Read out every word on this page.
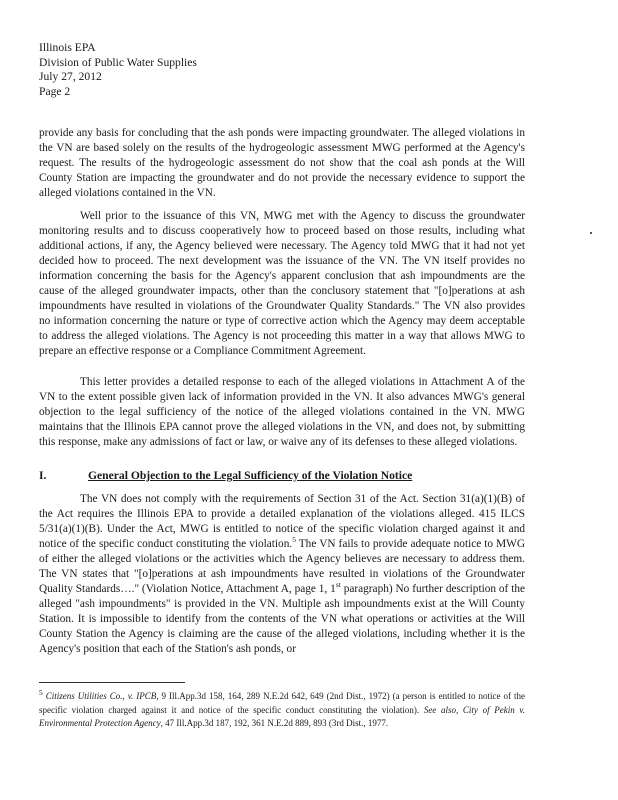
Illinois EPA
Division of Public Water Supplies
July 27, 2012
Page 2
provide any basis for concluding that the ash ponds were impacting groundwater. The alleged violations in the VN are based solely on the results of the hydrogeologic assessment MWG performed at the Agency's request. The results of the hydrogeologic assessment do not show that the coal ash ponds at the Will County Station are impacting the groundwater and do not provide the necessary evidence to support the alleged violations contained in the VN.
Well prior to the issuance of this VN, MWG met with the Agency to discuss the groundwater monitoring results and to discuss cooperatively how to proceed based on those results, including what additional actions, if any, the Agency believed were necessary. The Agency told MWG that it had not yet decided how to proceed. The next development was the issuance of the VN. The VN itself provides no information concerning the basis for the Agency's apparent conclusion that ash impoundments are the cause of the alleged groundwater impacts, other than the conclusory statement that "[o]perations at ash impoundments have resulted in violations of the Groundwater Quality Standards." The VN also provides no information concerning the nature or type of corrective action which the Agency may deem acceptable to address the alleged violations. The Agency is not proceeding this matter in a way that allows MWG to prepare an effective response or a Compliance Commitment Agreement.
This letter provides a detailed response to each of the alleged violations in Attachment A of the VN to the extent possible given lack of information provided in the VN. It also advances MWG's general objection to the legal sufficiency of the notice of the alleged violations contained in the VN. MWG maintains that the Illinois EPA cannot prove the alleged violations in the VN, and does not, by submitting this response, make any admissions of fact or law, or waive any of its defenses to these alleged violations.
I.	General Objection to the Legal Sufficiency of the Violation Notice
The VN does not comply with the requirements of Section 31 of the Act. Section 31(a)(1)(B) of the Act requires the Illinois EPA to provide a detailed explanation of the violations alleged. 415 ILCS 5/31(a)(1)(B). Under the Act, MWG is entitled to notice of the specific violation charged against it and notice of the specific conduct constituting the violation.$^5$ The VN fails to provide adequate notice to MWG of either the alleged violations or the activities which the Agency believes are necessary to address them. The VN states that "[o]perations at ash impoundments have resulted in violations of the Groundwater Quality Standards…." (Violation Notice, Attachment A, page 1, 1st paragraph) No further description of the alleged "ash impoundments" is provided in the VN. Multiple ash impoundments exist at the Will County Station. It is impossible to identify from the contents of the VN what operations or activities at the Will County Station the Agency is claiming are the cause of the alleged violations, including whether it is the Agency's position that each of the Station's ash ponds, or
$^5$ Citizens Utilities Co., v. IPCB, 9 Ill.App.3d 158, 164, 289 N.E.2d 642, 649 (2nd Dist., 1972) (a person is entitled to notice of the specific violation charged against it and notice of the specific conduct constituting the violation). See also, City of Pekin v. Environmental Protection Agency, 47 Ill.App.3d 187, 192, 361 N.E.2d 889, 893 (3rd Dist., 1977.
